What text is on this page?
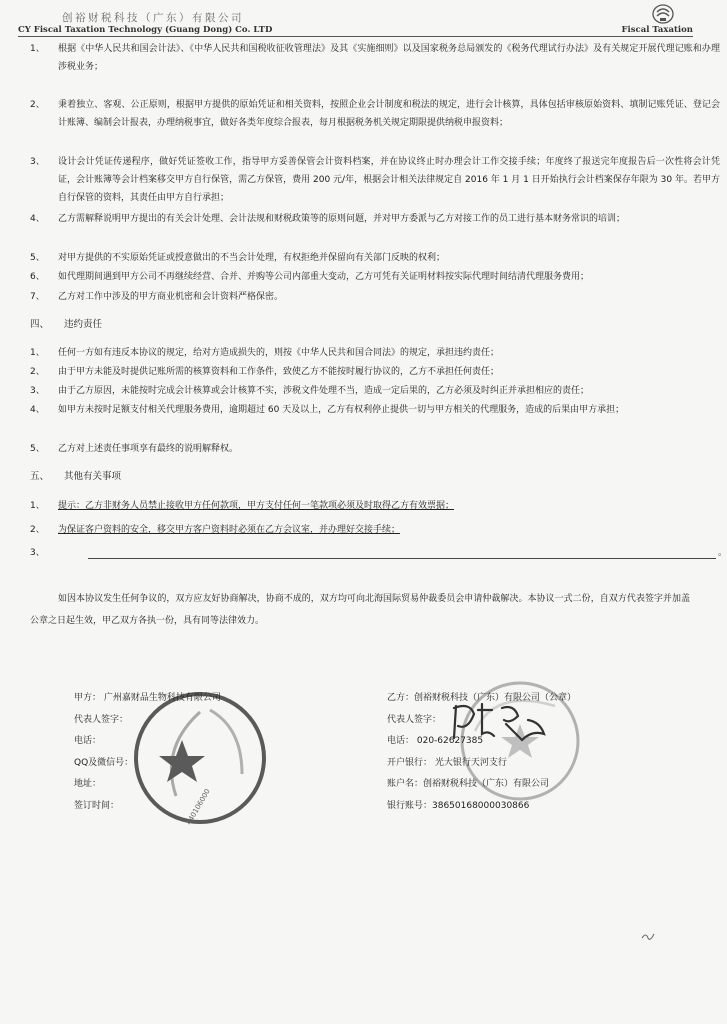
创裕财税科技（广东）有限公司
CY Fiscal Taxation Technology (Guang Dong) Co. LTD	Fiscal Taxation
1、	根据《中华人民共和国会计法》、《中华人民共和国税收征收管理法》及其《实施细则》以及国家税务总局颁发的《税务代理试行办法》及有关规定开展代理记账和办理涉税业务；
2、	秉着独立、客观、公正原则，根据甲方提供的原始凭证和相关资料，按照企业会计制度和税法的规定，进行会计核算，具体包括审核原始资料、填制记账凭证、登记会计账簿、编制会计报表，办理纳税事宜，做好各类年度综合报表，每月根据税务机关规定期限提供纳税申报资料；
3、	设计会计凭证传递程序，做好凭证签收工作，指导甲方妥善保管会计资料档案，并在协议终止时办理会计工作交接手续；年度终了报送完年度报告后一次性将会计凭证，会计账簿等会计档案移交甲方自行保管，需乙方保管，费用 200 元/年，根据会计相关法律规定自 2016 年 1 月 1 日开始执行会计档案保存年限为 30 年。若甲方自行保管的资料，其责任由甲方自行承担；
4、	乙方需解释说明甲方提出的有关会计处理、会计法规和财税政策等的原则问题，并对甲方委派与乙方对接工作的员工进行基本财务常识的培训；
5、	对甲方提供的不实原始凭证或授意做出的不当会计处理，有权拒绝并保留向有关部门反映的权利；
6、	如代理期间遇到甲方公司不再继续经营、合并、并购等公司内部重大变动，乙方可凭有关证明材料按实际代理时间结清代理服务费用；
7、	乙方对工作中涉及的甲方商业机密和会计资料严格保密。
四、 违约责任
1、	任何一方如有违反本协议的规定，给对方造成损失的，则按《中华人民共和国合同法》的规定，承担违约责任；
2、	由于甲方未能及时提供记账所需的核算资料和工作条件，致使乙方不能按时履行协议的，乙方不承担任何责任；
3、	由于乙方原因，未能按时完成会计核算或会计核算不实，涉税文件处理不当，造成一定后果的，乙方必须及时纠正并承担相应的责任；
4、	如甲方未按时足额支付相关代理服务费用，逾期超过 60 天及以上，乙方有权利停止提供一切与甲方相关的代理服务，造成的后果由甲方承担；
5、	乙方对上述责任事项享有最终的说明解释权。
五、 其他有关事项
1、	提示：乙方非财务人员禁止接收甲方任何款项，甲方支付任何一笔款项必须及时取得乙方有效票据；
2、	为保证客户资料的安全，移交甲方客户资料时必须在乙方会议室，并办理好交接手续；
3、	。
如因本协议发生任何争议的，双方应友好协商解决，协商不成的，双方均可向北海国际贸易仲裁委员会申请仲裁解决。本协议一式二份，自双方代表签字并加盖公章之日起生效，甲乙双方各执一份，具有同等法律效力。
440106000
甲方： 广州嘉财品生物科技有限公司
代表人签字：
电话：
QQ及微信号：
地址：
签订时间：
乙方：创裕财税科技（广东）有限公司（公章）
代表人签字：
电话： 020-62627385
开户银行： 光大银行天河支行
账户名：创裕财税科技（广东）有限公司
银行账号：38650168000030866
